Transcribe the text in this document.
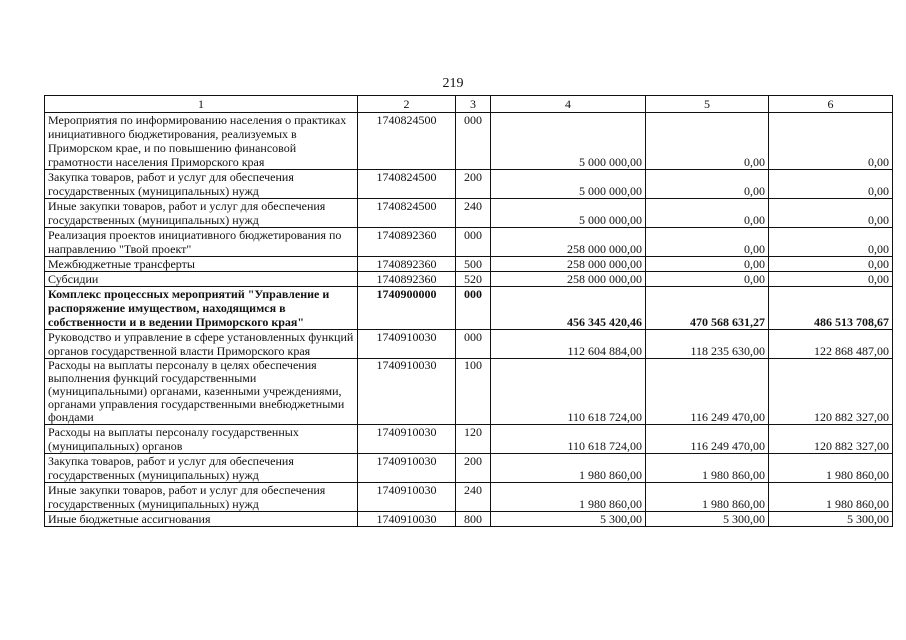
219
1	2	3	4	5	6
Мероприятия по информированию населения о практиках инициативного бюджетирования, реализуемых в Приморском крае, и по повышению финансовой грамотности населения Приморского края	1740824500	000	5 000 000,00	0,00	0,00
Закупка товаров, работ и услуг для обеспечения государственных (муниципальных) нужд	1740824500	200	5 000 000,00	0,00	0,00
Иные закупки товаров, работ и услуг для обеспечения государственных (муниципальных) нужд	1740824500	240	5 000 000,00	0,00	0,00
Реализация проектов инициативного бюджетирования по направлению "Твой проект"	1740892360	000	258 000 000,00	0,00	0,00
Межбюджетные трансферты	1740892360	500	258 000 000,00	0,00	0,00
Субсидии	1740892360	520	258 000 000,00	0,00	0,00
Комплекс процессных мероприятий "Управление и распоряжение имуществом, находящимся в собственности и в ведении Приморского края"	1740900000	000	456 345 420,46	470 568 631,27	486 513 708,67
Руководство и управление в сфере установленных функций органов государственной власти Приморского края	1740910030	000	112 604 884,00	118 235 630,00	122 868 487,00
Расходы на выплаты персоналу в целях обеспечения выполнения функций государственными (муниципальными) органами, казенными учреждениями, органами управления государственными внебюджетными фондами	1740910030	100	110 618 724,00	116 249 470,00	120 882 327,00
Расходы на выплаты персоналу государственных (муниципальных) органов	1740910030	120	110 618 724,00	116 249 470,00	120 882 327,00
Закупка товаров, работ и услуг для обеспечения государственных (муниципальных) нужд	1740910030	200	1 980 860,00	1 980 860,00	1 980 860,00
Иные закупки товаров, работ и услуг для обеспечения государственных (муниципальных) нужд	1740910030	240	1 980 860,00	1 980 860,00	1 980 860,00
Иные бюджетные ассигнования	1740910030	800	5 300,00	5 300,00	5 300,00
